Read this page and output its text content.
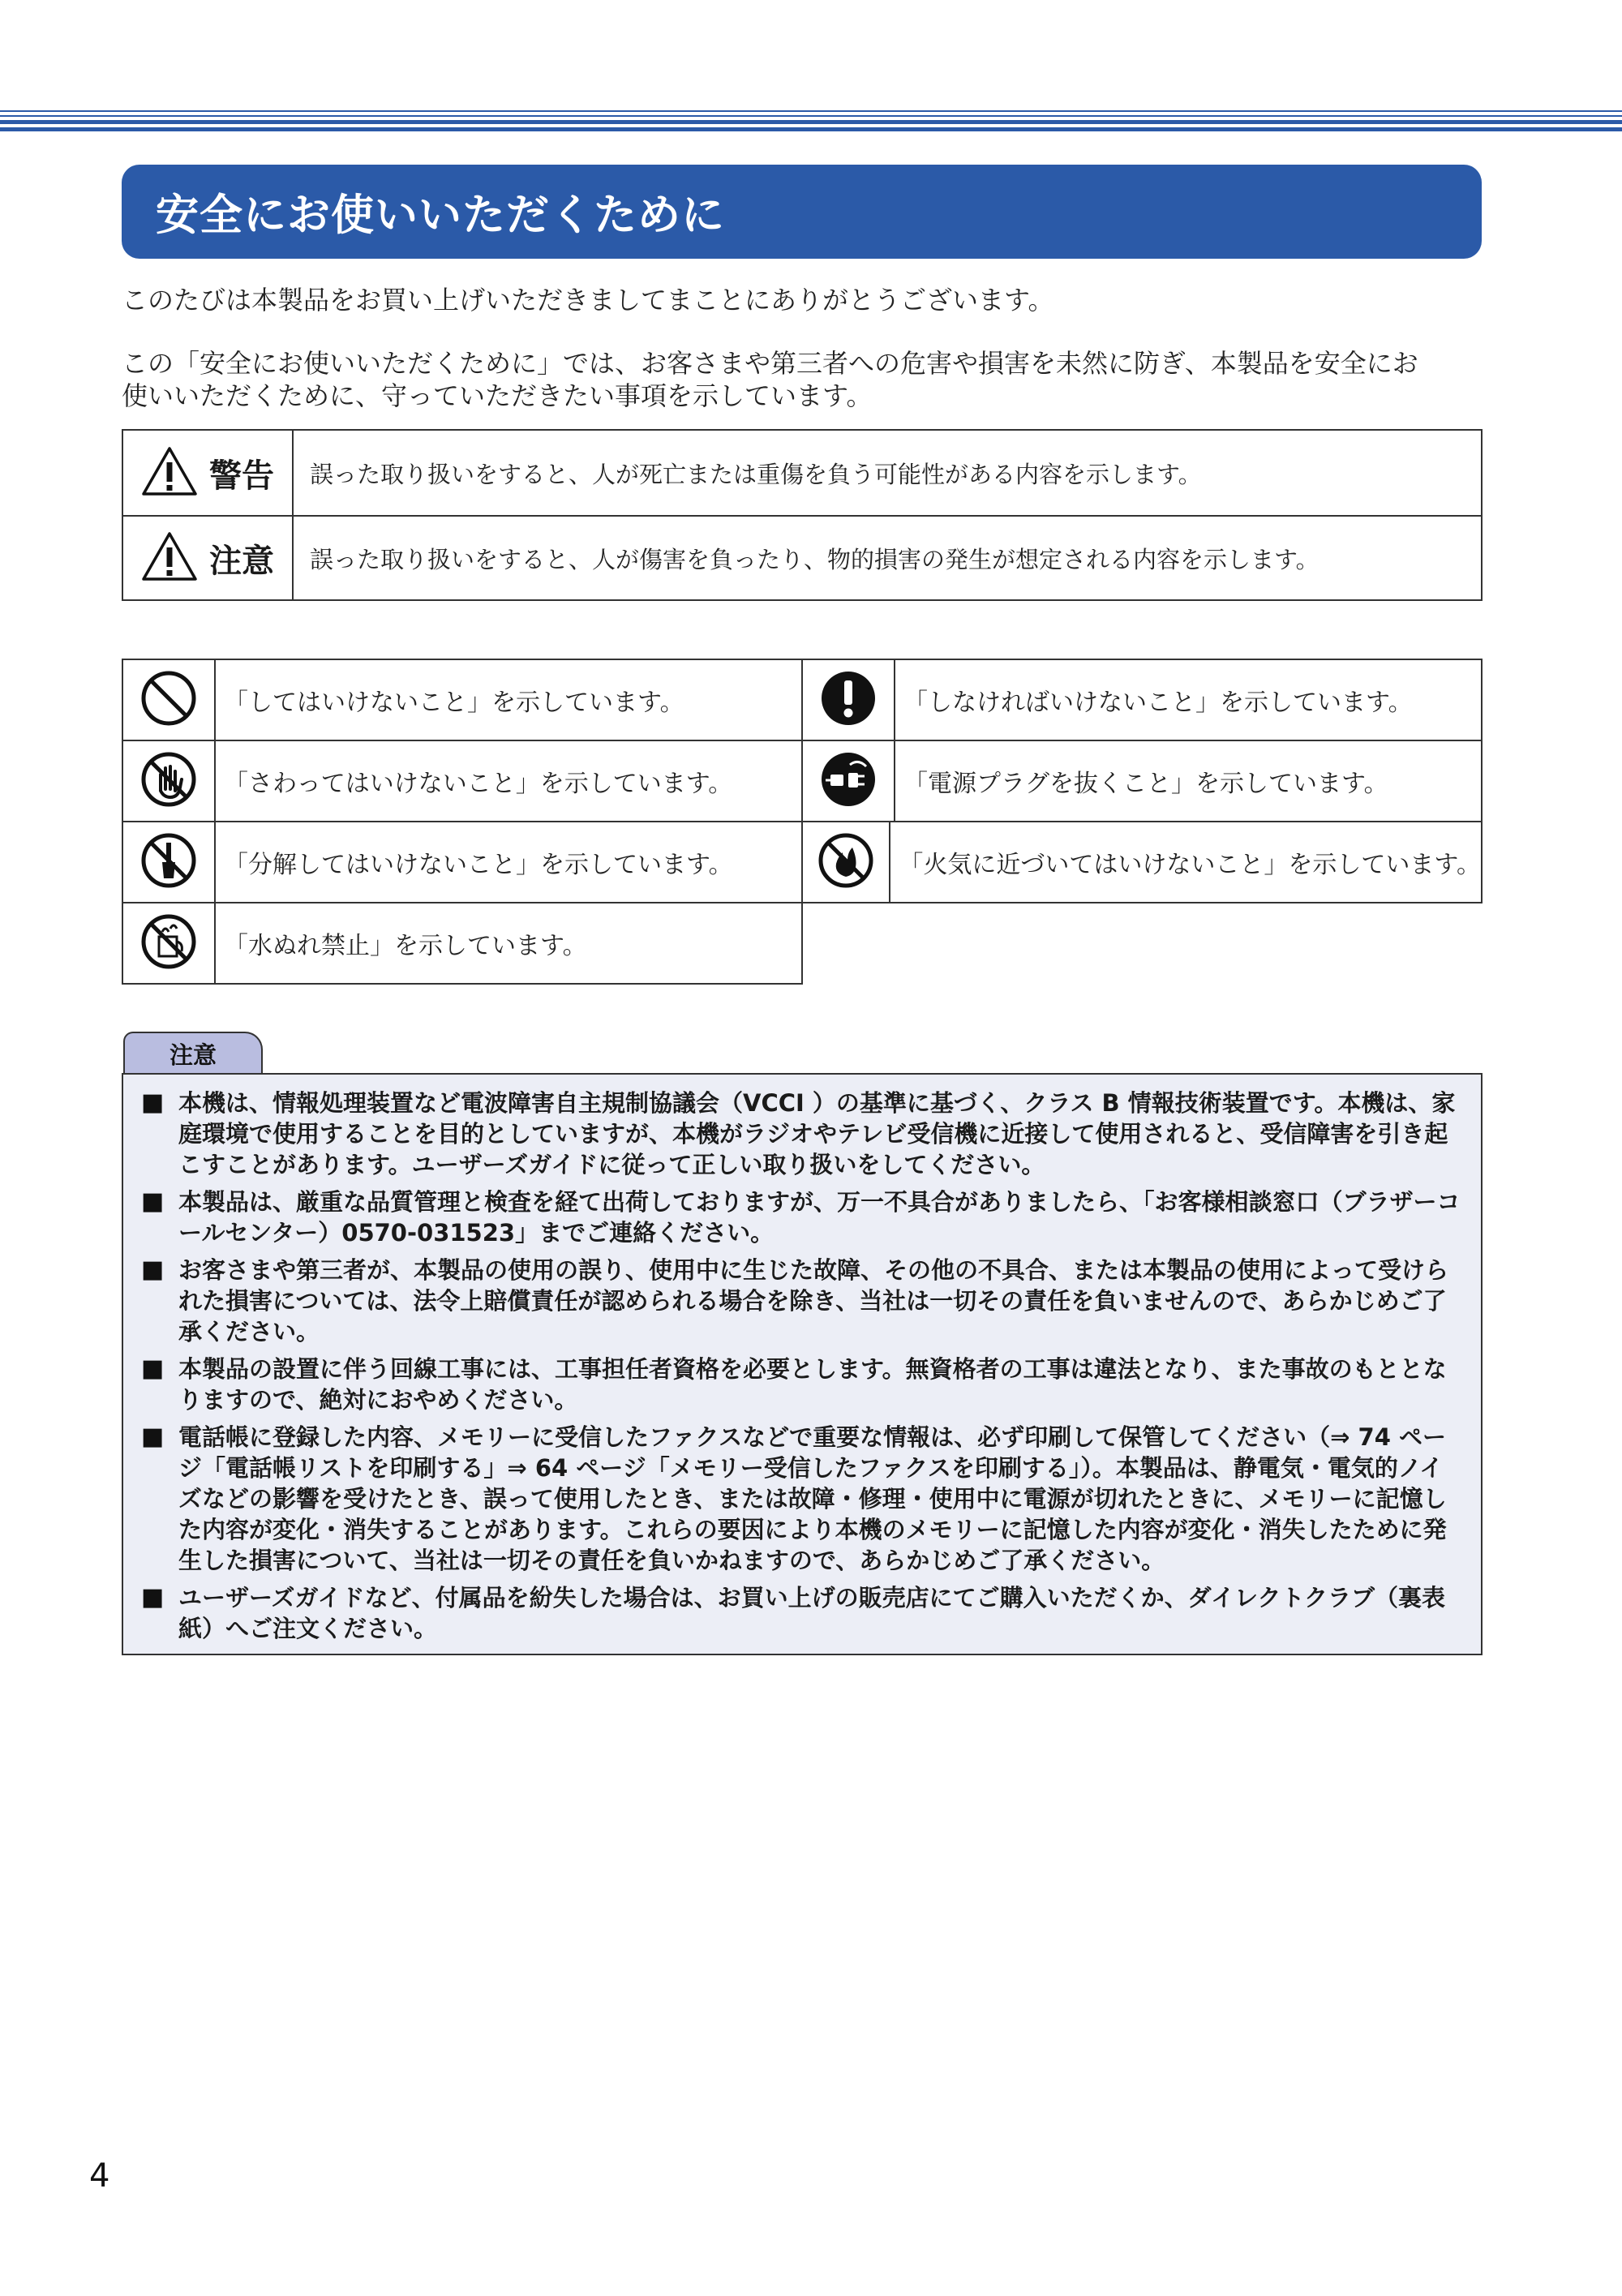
安全にお使いいただくために
このたびは本製品をお買い上げいただきましてまことにありがとうございます。
この「安全にお使いいただくために」では、お客さまや第三者への危害や損害を未然に防ぎ、本製品を安全にお
使いいただくために、守っていただきたい事項を示しています。
警告	誤った取り扱いをすると、人が死亡または重傷を負う可能性がある内容を示します。
注意	誤った取り扱いをすると、人が傷害を負ったり、物的損害の発生が想定される内容を示します。
「してはいけないこと」を示しています。	「しなければいけないこと」を示しています。
「さわってはいけないこと」を示しています。	「電源プラグを抜くこと」を示しています。
「分解してはいけないこと」を示しています。	「火気に近づいてはいけないこと」を示しています。
「水ぬれ禁止」を示しています。
注意
■ 本機は、情報処理装置など電波障害自主規制協議会（VCCI ）の基準に基づく、クラス B 情報技術装置です。本機は、家庭環境で使用することを目的としていますが、本機がラジオやテレビ受信機に近接して使用されると、受信障害を引き起こすことがあります。ユーザーズガイドに従って正しい取り扱いをしてください。
■ 本製品は、厳重な品質管理と検査を経て出荷しておりますが、万一不具合がありましたら、「お客様相談窓口（ブラザーコールセンター）0570-031523」までご連絡ください。
■ お客さまや第三者が、本製品の使用の誤り、使用中に生じた故障、その他の不具合、または本製品の使用によって受けられた損害については、法令上賠償責任が認められる場合を除き、当社は一切その責任を負いませんので、あらかじめご了承ください。
■ 本製品の設置に伴う回線工事には、工事担任者資格を必要とします。無資格者の工事は違法となり、また事故のもととなりますので、絶対におやめください。
■ 電話帳に登録した内容、メモリーに受信したファクスなどで重要な情報は、必ず印刷して保管してください（⇒ 74 ページ「電話帳リストを印刷する」⇒ 64 ページ「メモリー受信したファクスを印刷する」）。本製品は、静電気・電気的ノイズなどの影響を受けたとき、誤って使用したとき、または故障・修理・使用中に電源が切れたときに、メモリーに記憶した内容が変化・消失することがあります。これらの要因により本機のメモリーに記憶した内容が変化・消失したために発生した損害について、当社は一切その責任を負いかねますので、あらかじめご了承ください。
■ ユーザーズガイドなど、付属品を紛失した場合は、お買い上げの販売店にてご購入いただくか、ダイレクトクラブ（裏表紙）へご注文ください。
4
